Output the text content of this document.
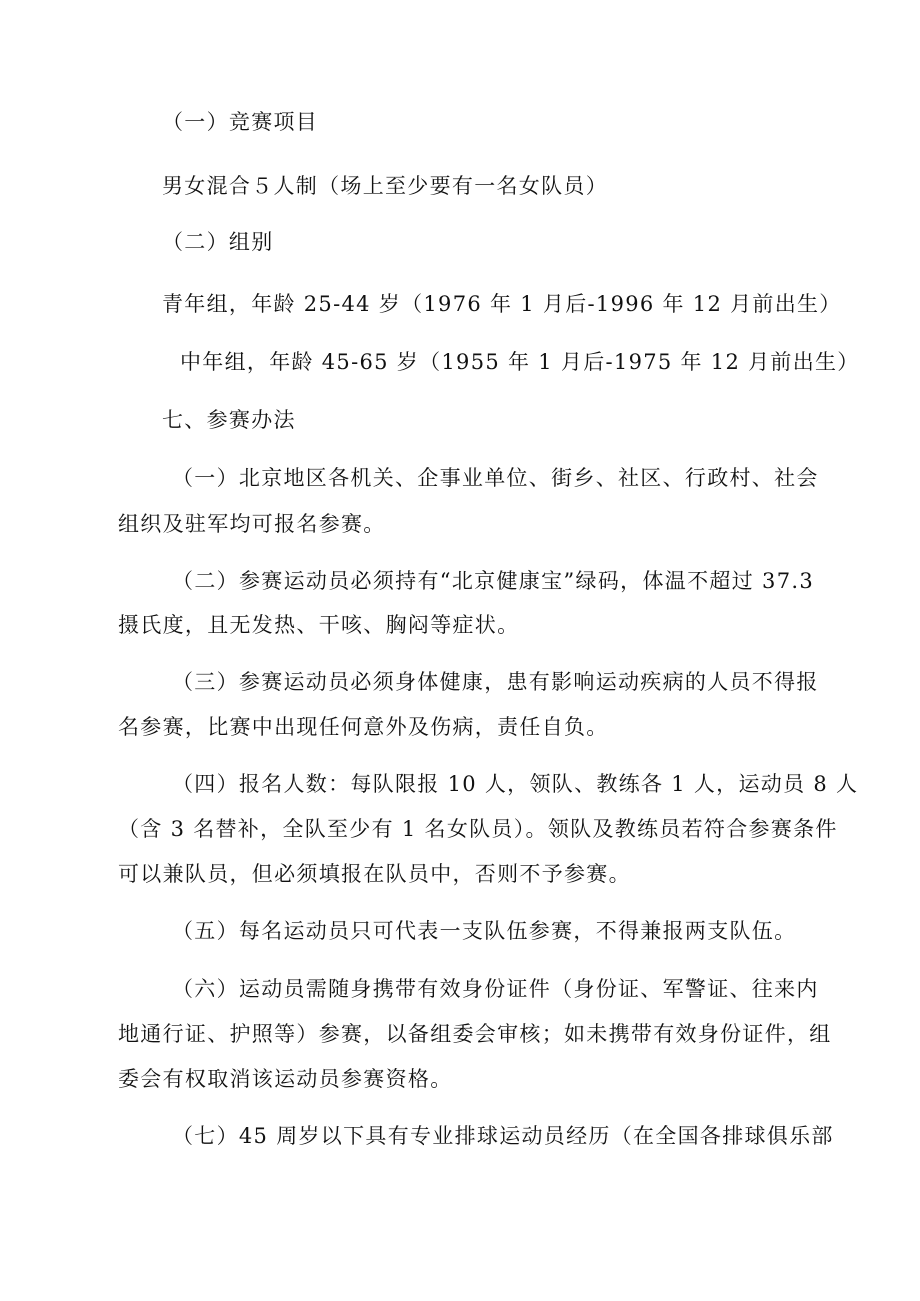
（一）竞赛项目
男女混合５人制（场上至少要有一名女队员）
（二）组别
青年组，年龄 25-44 岁（1976 年 1 月后-1996 年 12 月前出生）
中年组，年龄 45-65 岁（1955 年 1 月后-1975 年 12 月前出生）
七、参赛办法
（一）北京地区各机关、企事业单位、街乡、社区、行政村、社会
组织及驻军均可报名参赛。
（二）参赛运动员必须持有“北京健康宝”绿码，体温不超过 37.3
摄氏度，且无发热、干咳、胸闷等症状。
（三）参赛运动员必须身体健康，患有影响运动疾病的人员不得报
名参赛，比赛中出现任何意外及伤病，责任自负。
（四）报名人数：每队限报 10 人，领队、教练各 1 人，运动员 8 人
（含 3 名替补，全队至少有 1 名女队员）。领队及教练员若符合参赛条件
可以兼队员，但必须填报在队员中，否则不予参赛。
（五）每名运动员只可代表一支队伍参赛，不得兼报两支队伍。
（六）运动员需随身携带有效身份证件（身份证、军警证、往来内
地通行证、护照等）参赛，以备组委会审核；如未携带有效身份证件，组
委会有权取消该运动员参赛资格。
（七）45 周岁以下具有专业排球运动员经历（在全国各排球俱乐部
